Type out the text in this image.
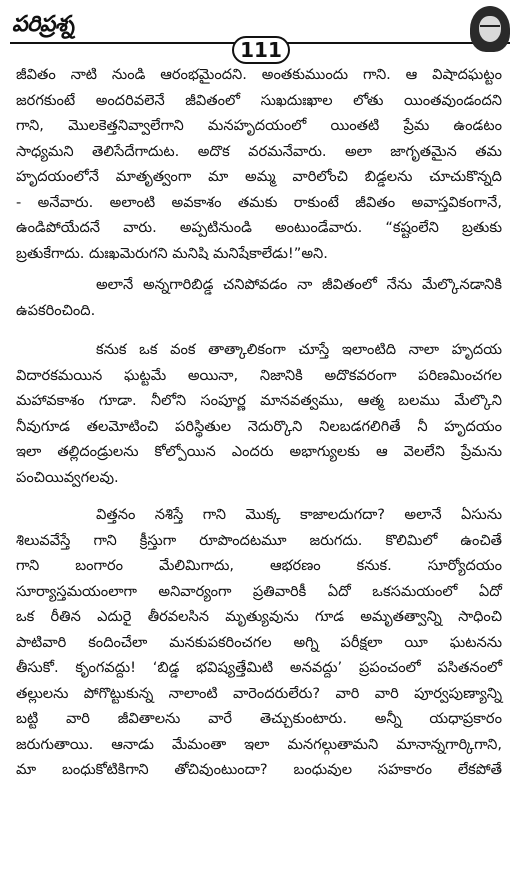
పరిప్రశ్న
111

జీవితం నాటి నుండి ఆరంభమైందని. అంతకుముందు గాని. ఆ విషాదఘట్టం

జరగకుంటే అందరివలెనే జీవితంలో సుఖదుఃఖాల లోతు యింతవుండందని

గాని, మొలకెత్తనివ్వాలేగాని మనహృదయంలో యింతటి ప్రేమ ఉండటం

సాధ్యమని తెలిసేదేగాదుట. అదొక వరమనేవారు. అలా జాగృతమైన తమ

హృదయంలోనే మాతృత్వంగా మా అమ్మ వారిలోంచి బిడ్డలను చూచుకొన్నది

- అనేవారు. అలాంటి అవకాశం తమకు రాకుంటే జీవితం అవాస్తవికంగానే,

ఉండిపోయేదనే వారు. అప్పటినుండి అంటుండేవారు. “కష్టంలేని బ్రతుకు

బ్రతుకేగాదు. దుఃఖమెరుగని మనిషి మనిషేకాలేడు!”అని.

అలానే అన్నగారిబిడ్డ చనిపోవడం నా జీవితంలో నేను మేల్కొనడానికి

ఉపకరించింది.

కనుక ఒక వంక తాత్కాలికంగా చూస్తే ఇలాంటిది నాలా హృదయ

విదారకమయిన ఘట్టమే అయినా, నిజానికి అదొకవరంగా పరిణమించగల

మహావకాశం గూడా. నీలోని సంపూర్ణ మానవత్వము, ఆత్మ బలము మేల్కొని

నీవుగూడ తలమోటించి పరిస్థితుల నెదుర్కొని నిలబడగలిగితే నీ హృదయం

ఇలా తల్లిదండ్రులను కోల్పోయిన ఎందరు అభాగ్యులకు ఆ వెలలేని ప్రేమను

పంచియివ్వగలవు.

విత్తనం నశిస్తే గాని మొక్క కాజాలదుగదా? అలానే ఏసును

శిలువవేస్తే గాని క్రీస్తుగా రూపొందటమూ జరుగదు. కొలిమిలో ఉంచితే

గాని బంగారం మేలిమిగాదు, ఆభరణం కనుక. సూర్యోదయం

సూర్యాస్తమయంలాగా అనివార్యంగా ప్రతివారికీ ఏదో ఒకసమయంలో ఏదో

ఒక రీతిన ఎదురై తీరవలసిన మృత్యువును గూడ అమృతత్వాన్ని సాధించి

పాటివారి కందించేలా మనకుపకరించగల అగ్ని పరీక్షలా యీ ఘటనను

తీసుకో. కృంగవద్దు! ‘బిడ్డ భవిష్యత్తేమిటి అనవద్దు’ ప్రపంచంలో పసితనంలో

తల్లులను పోగొట్టుకున్న నాలాంటి వారెందరులేరు? వారి వారి పూర్వపుణ్యాన్ని

బట్టి వారి జీవితాలను వారే తెచ్చుకుంటారు. అన్నీ యధాప్రకారం

జరుగుతాయి. ఆనాడు మేమంతా ఇలా మనగల్గుతామని మానాన్నగార్కిగాని,

మా బంధుకోటికిగాని తోచివుంటుందా? బంధువుల సహకారం లేకపోతే
